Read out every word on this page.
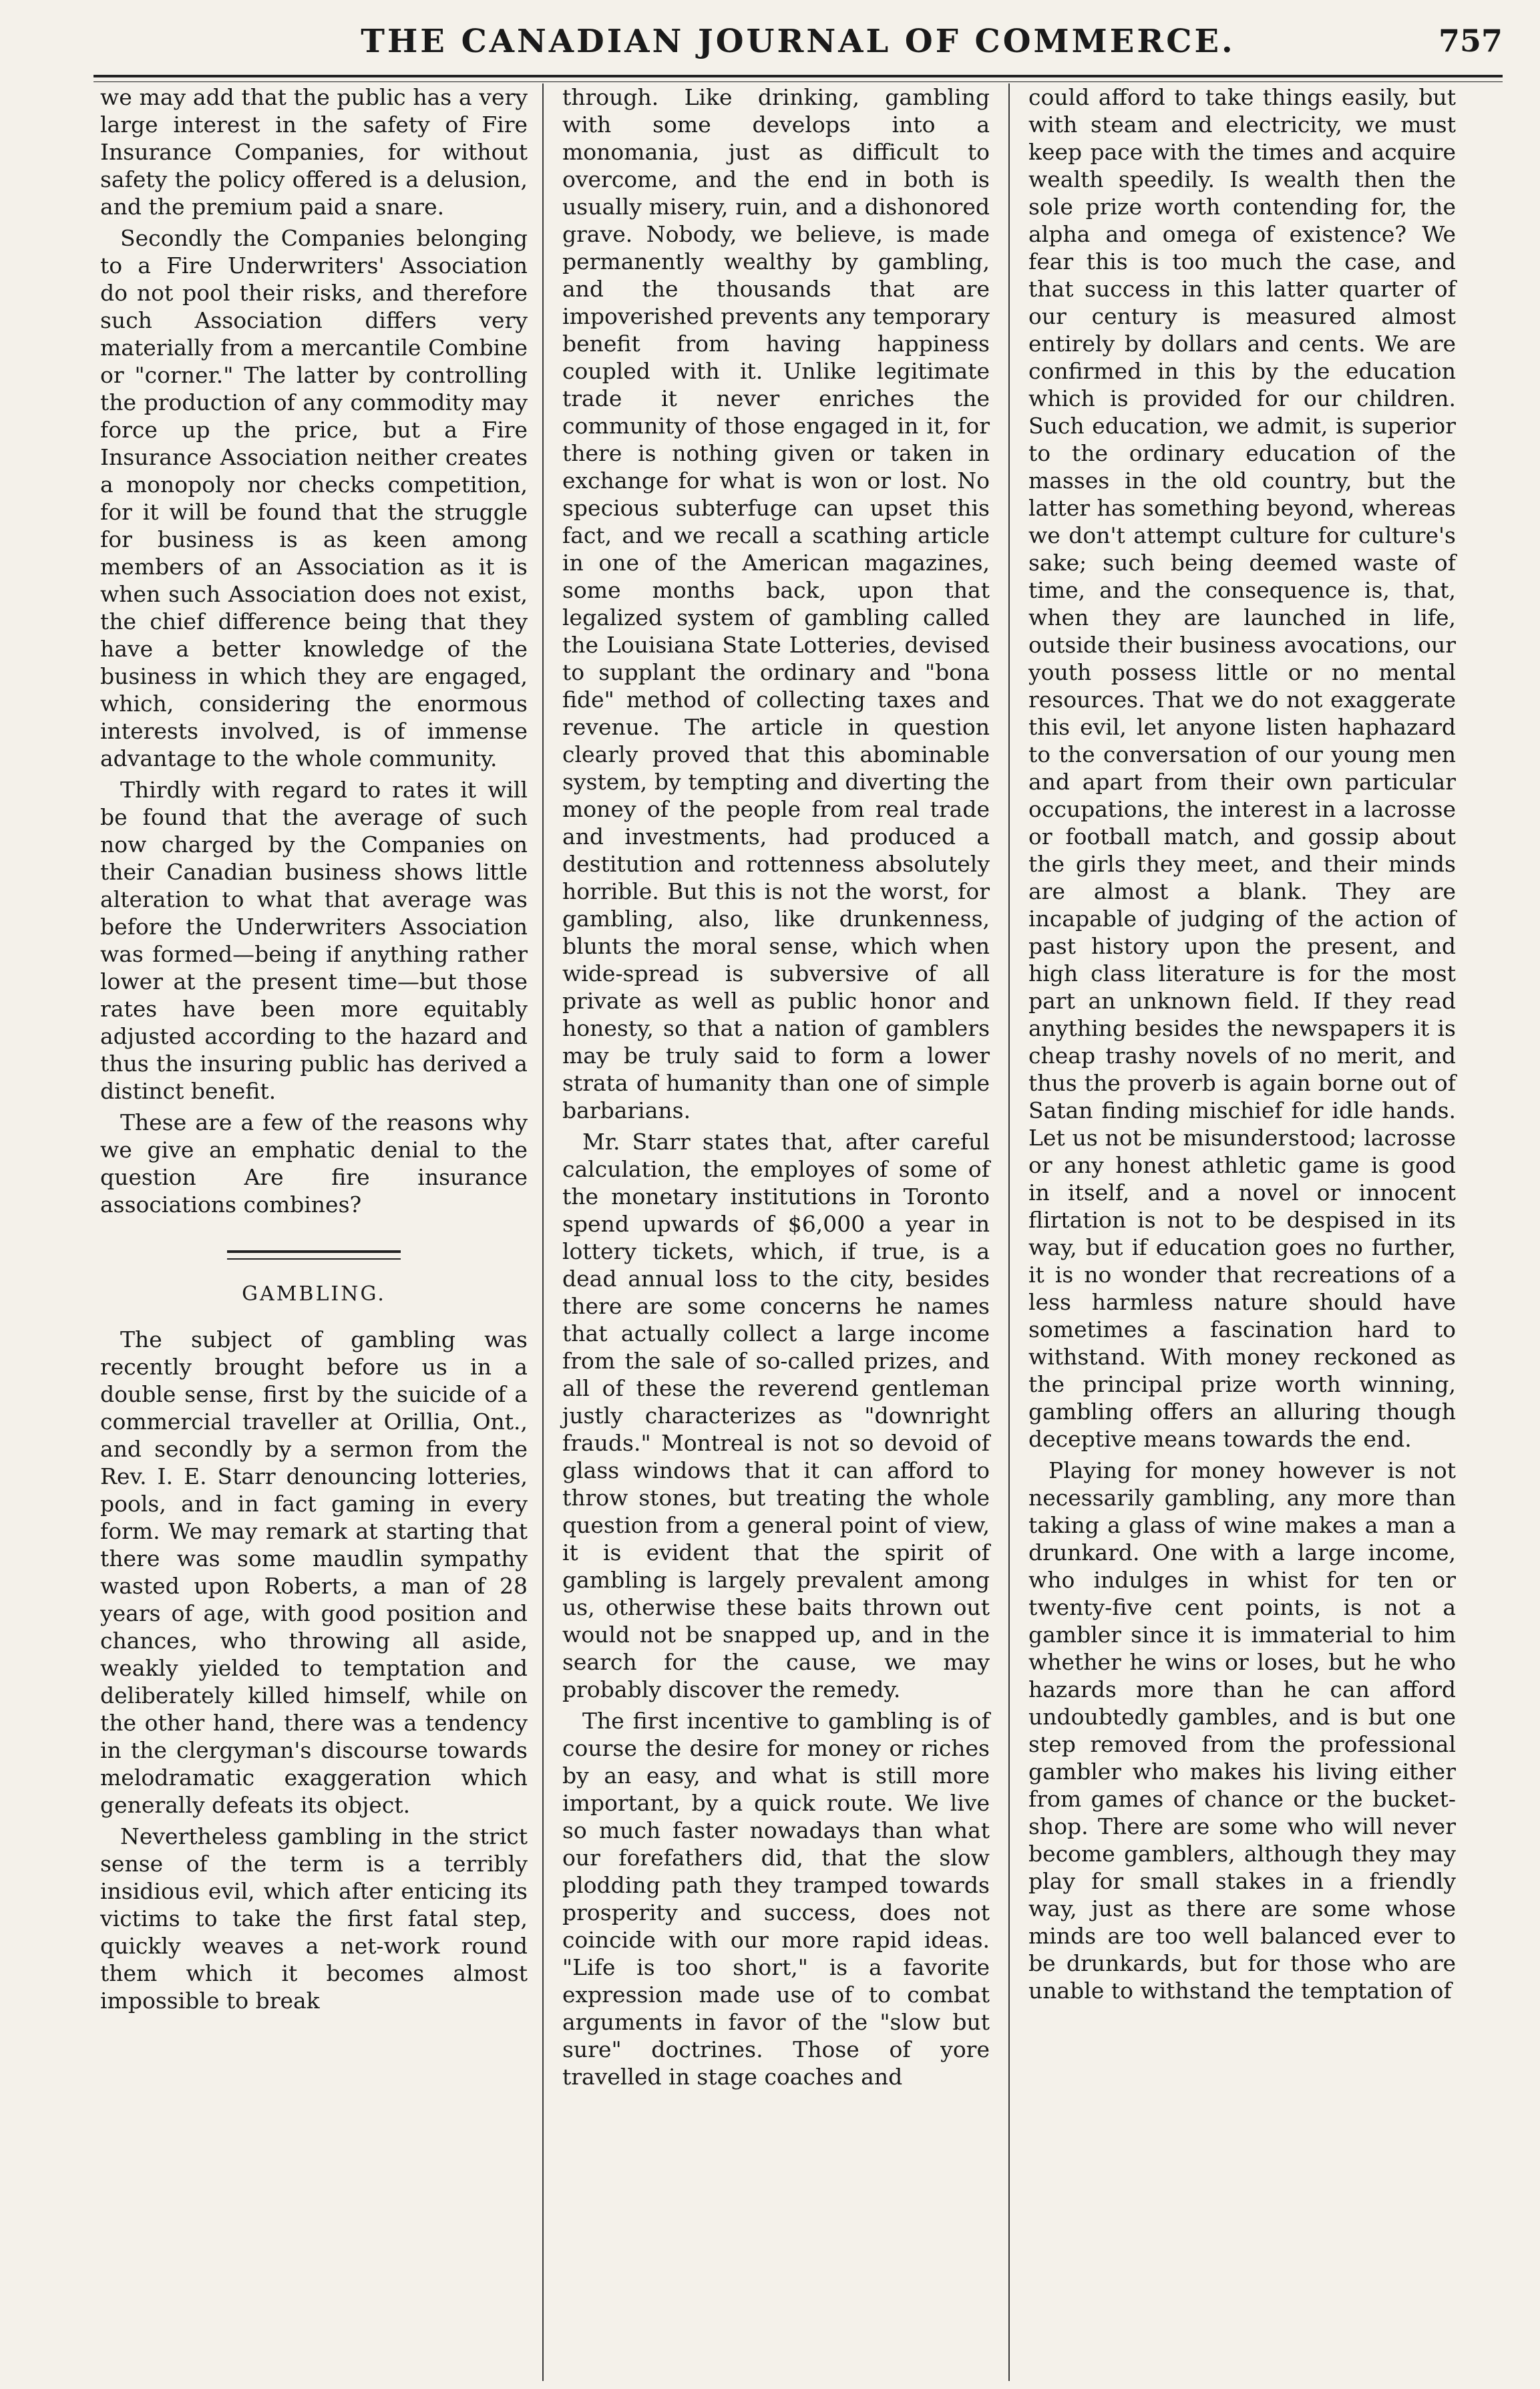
THE CANADIAN JOURNAL OF COMMERCE.	757

we may add that the public has a very large interest in the safety of Fire Insurance Companies, for without safety the policy offered is a delusion, and the premium paid a snare.

Secondly the Companies belonging to a Fire Underwriters' Association do not pool their risks, and therefore such Association differs very materially from a mercantile Combine or "corner." The latter by controlling the production of any commodity may force up the price, but a Fire Insurance Association neither creates a monopoly nor checks competition, for it will be found that the struggle for business is as keen among members of an Association as it is when such Association does not exist, the chief difference being that they have a better knowledge of the business in which they are engaged, which, considering the enormous interests involved, is of immense advantage to the whole community.

Thirdly with regard to rates it will be found that the average of such now charged by the Companies on their Canadian business shows little alteration to what that average was before the Underwriters Association was formed—being if anything rather lower at the present time—but those rates have been more equitably adjusted according to the hazard and thus the insuring public has derived a distinct benefit.

These are a few of the reasons why we give an emphatic denial to the question Are fire insurance associations combines?

GAMBLING.

The subject of gambling was recently brought before us in a double sense, first by the suicide of a commercial traveller at Orillia, Ont., and secondly by a sermon from the Rev. I. E. Starr denouncing lotteries, pools, and in fact gaming in every form. We may remark at starting that there was some maudlin sympathy wasted upon Roberts, a man of 28 years of age, with good position and chances, who throwing all aside, weakly yielded to temptation and deliberately killed himself, while on the other hand, there was a tendency in the clergyman's discourse towards melodramatic exaggeration which generally defeats its object.

Nevertheless gambling in the strict sense of the term is a terribly insidious evil, which after enticing its victims to take the first fatal step, quickly weaves a net-work round them which it becomes almost impossible to break

through. Like drinking, gambling with some develops into a monomania, just as difficult to overcome, and the end in both is usually misery, ruin, and a dishonored grave. Nobody, we believe, is made permanently wealthy by gambling, and the thousands that are impoverished prevents any temporary benefit from having happiness coupled with it. Unlike legitimate trade it never enriches the community of those engaged in it, for there is nothing given or taken in exchange for what is won or lost. No specious subterfuge can upset this fact, and we recall a scathing article in one of the American magazines, some months back, upon that legalized system of gambling called the Louisiana State Lotteries, devised to supplant the ordinary and "bona fide" method of collecting taxes and revenue. The article in question clearly proved that this abominable system, by tempting and diverting the money of the people from real trade and investments, had produced a destitution and rottenness absolutely horrible. But this is not the worst, for gambling, also, like drunkenness, blunts the moral sense, which when wide-spread is subversive of all private as well as public honor and honesty, so that a nation of gamblers may be truly said to form a lower strata of humanity than one of simple barbarians.

Mr. Starr states that, after careful calculation, the employes of some of the monetary institutions in Toronto spend upwards of $6,000 a year in lottery tickets, which, if true, is a dead annual loss to the city, besides there are some concerns he names that actually collect a large income from the sale of so-called prizes, and all of these the reverend gentleman justly characterizes as "downright frauds." Montreal is not so devoid of glass windows that it can afford to throw stones, but treating the whole question from a general point of view, it is evident that the spirit of gambling is largely prevalent among us, otherwise these baits thrown out would not be snapped up, and in the search for the cause, we may probably discover the remedy.

The first incentive to gambling is of course the desire for money or riches by an easy, and what is still more important, by a quick route. We live so much faster nowadays than what our forefathers did, that the slow plodding path they tramped towards prosperity and success, does not coincide with our more rapid ideas. "Life is too short," is a favorite expression made use of to combat arguments in favor of the "slow but sure" doctrines. Those of yore travelled in stage coaches and

could afford to take things easily, but with steam and electricity, we must keep pace with the times and acquire wealth speedily. Is wealth then the sole prize worth contending for, the alpha and omega of existence? We fear this is too much the case, and that success in this latter quarter of our century is measured almost entirely by dollars and cents. We are confirmed in this by the education which is provided for our children. Such education, we admit, is superior to the ordinary education of the masses in the old country, but the latter has something beyond, whereas we don't attempt culture for culture's sake; such being deemed waste of time, and the consequence is, that, when they are launched in life, outside their business avocations, our youth possess little or no mental resources. That we do not exaggerate this evil, let anyone listen haphazard to the conversation of our young men and apart from their own particular occupations, the interest in a lacrosse or football match, and gossip about the girls they meet, and their minds are almost a blank. They are incapable of judging of the action of past history upon the present, and high class literature is for the most part an unknown field. If they read anything besides the newspapers it is cheap trashy novels of no merit, and thus the proverb is again borne out of Satan finding mischief for idle hands. Let us not be misunderstood; lacrosse or any honest athletic game is good in itself, and a novel or innocent flirtation is not to be despised in its way, but if education goes no further, it is no wonder that recreations of a less harmless nature should have sometimes a fascination hard to withstand. With money reckoned as the principal prize worth winning, gambling offers an alluring though deceptive means towards the end.

Playing for money however is not necessarily gambling, any more than taking a glass of wine makes a man a drunkard. One with a large income, who indulges in whist for ten or twenty-five cent points, is not a gambler since it is immaterial to him whether he wins or loses, but he who hazards more than he can afford undoubtedly gambles, and is but one step removed from the professional gambler who makes his living either from games of chance or the bucket-shop. There are some who will never become gamblers, although they may play for small stakes in a friendly way, just as there are some whose minds are too well balanced ever to be drunkards, but for those who are unable to withstand the temptation of
